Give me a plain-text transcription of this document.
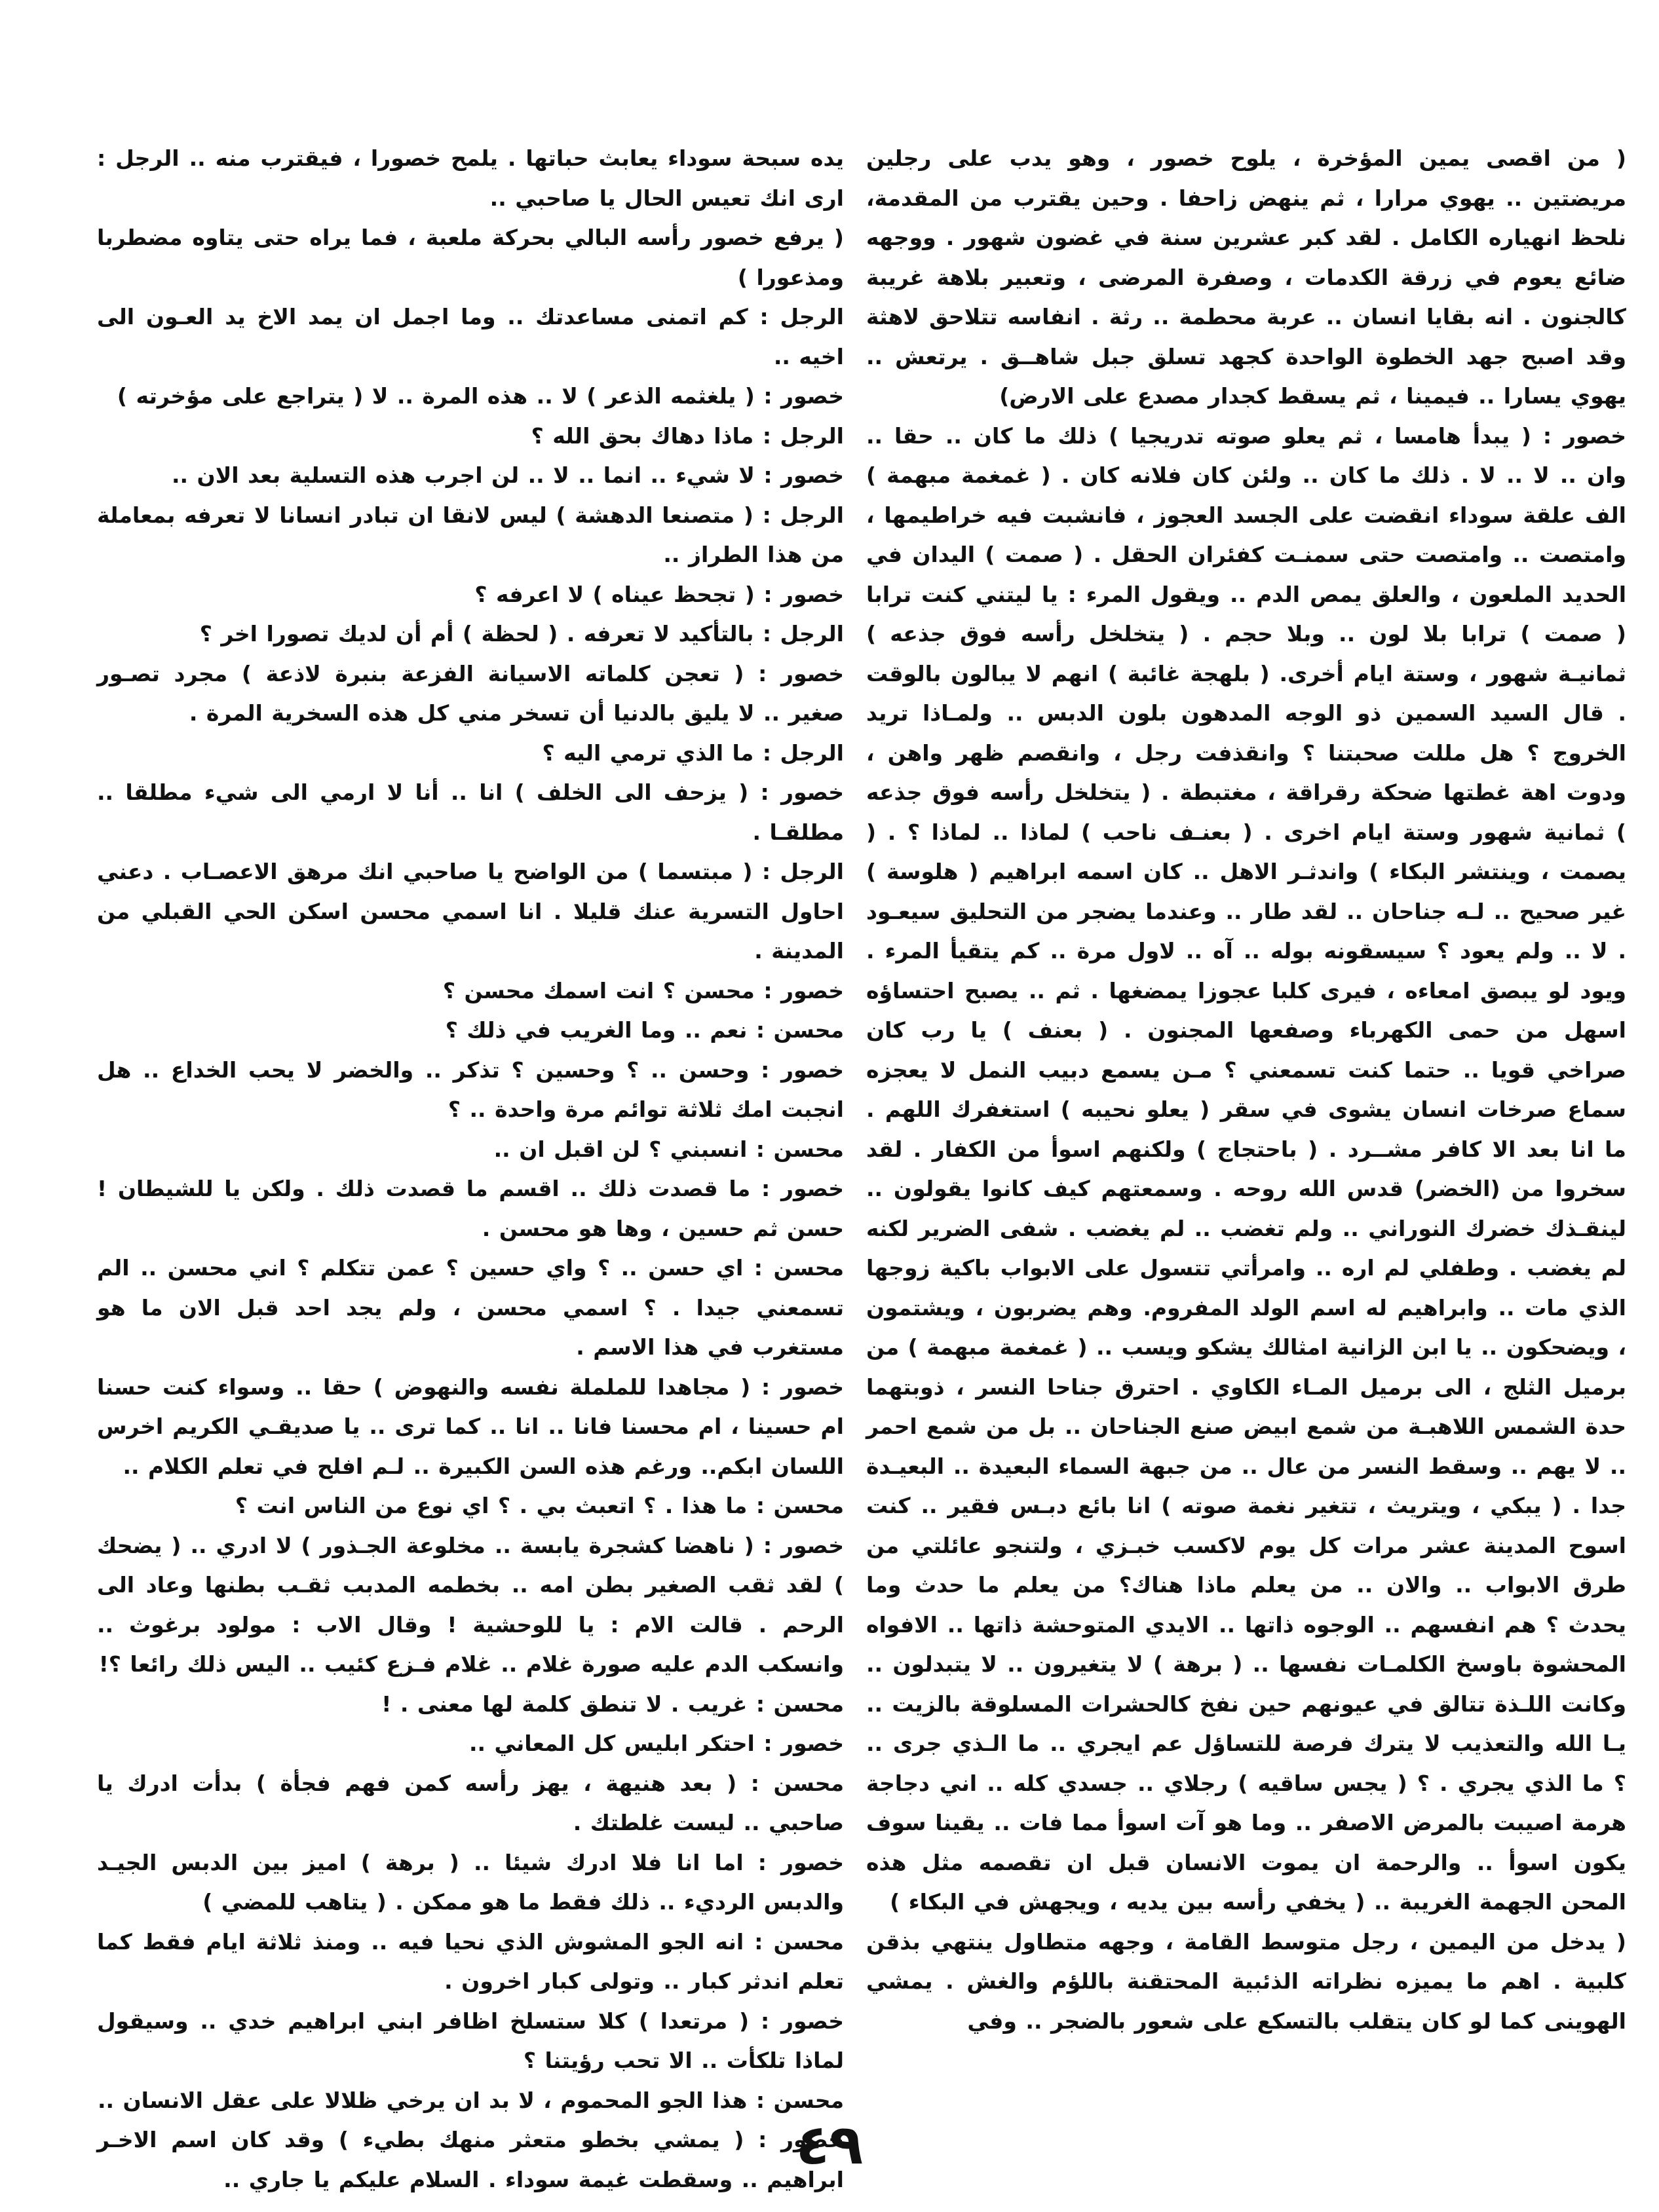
( من اقصى يمين المؤخرة ، يلوح خصور ، وهو يدب على رجلين مريضتين .. يهوي مرارا ، ثم ينهض زاحفا . وحين يقترب من المقدمة، نلحظ انهياره الكامل . لقد كبر عشرين سنة في غضون شهور . ووجهه ضائع يعوم في زرقة الكدمات ، وصفرة المرضى ، وتعبير بلاهة غريبة كالجنون . انه بقايا انسان .. عربة محطمة .. رثة . انفاسه تتلاحق لاهثة وقد اصبح جهد الخطوة الواحدة كجهد تسلق جبل شاهــق . يرتعش .. يهوي يسارا .. فيمينا ، ثم يسقط كجدار مصدع على الارض)

خصور : ( يبدأ هامسا ، ثم يعلو صوته تدريجيا ) ذلك ما كان .. حقا .. وان .. لا .. لا . ذلك ما كان .. ولئن كان فلانه كان . ( غمغمة مبهمة ) الف علقة سوداء انقضت على الجسد العجوز ، فانشبت فيه خراطيمها ، وامتصت .. وامتصت حتى سمنـت كفئران الحقل . ( صمت ) اليدان في الحديد الملعون ، والعلق يمص الدم .. ويقول المرء : يا ليتني كنت ترابا ( صمت ) ترابا بلا لون .. وبلا حجم . ( يتخلخل رأسه فوق جذعه ) ثمانيـة شهور ، وستة ايام أخرى. ( بلهجة غائبة ) انهم لا يبالون بالوقت . قال السيد السمين ذو الوجه المدهون بلون الدبس .. ولمـاذا تريد الخروج ؟ هل مللت صحبتنا ؟ وانقذفت رجل ، وانقصم ظهر واهن ، ودوت اهة غطتها ضحكة رقراقة ، مغتبطة . ( يتخلخل رأسه فوق جذعه ) ثمانية شهور وستة ايام اخرى . ( بعنـف ناحب ) لماذا .. لماذا ؟ . ( يصمت ، وينتشر البكاء ) واندثـر الاهل .. كان اسمه ابراهيم ( هلوسة ) غير صحيح .. لـه جناحان .. لقد طار .. وعندما يضجر من التحليق سيعـود . لا .. ولم يعود ؟ سيسقونه بوله .. آه .. لاول مرة .. كم يتقيأ المرء . ويود لو يبصق امعاءه ، فيرى كلبا عجوزا يمضغها . ثم .. يصبح احتساؤه اسهل من حمى الكهرباء وصفعها المجنون . ( بعنف ) يا رب كان صراخي قويا .. حتما كنت تسمعني ؟ مـن يسمع دبيب النمل لا يعجزه سماع صرخات انسان يشوى في سقر ( يعلو نحيبه ) استغفرك اللهم . ما انا بعد الا كافر مشــرد . ( باحتجاج ) ولكنهم اسوأ من الكفار . لقد سخروا من (الخضر) قدس الله روحه . وسمعتهم كيف كانوا يقولون .. لينقـذك خضرك النوراني .. ولم تغضب .. لم يغضب . شفى الضرير لكنه لم يغضب . وطفلي لم اره .. وامرأتي تتسول على الابواب باكية زوجها الذي مات .. وابراهيم له اسم الولد المفروم. وهم يضربون ، ويشتمون ، ويضحكون .. يا ابن الزانية امثالك يشكو ويسب .. ( غمغمة مبهمة ) من برميل الثلج ، الى برميل المـاء الكاوي . احترق جناحا النسر ، ذوبتهما حدة الشمس اللاهبـة من شمع ابيض صنع الجناحان .. بل من شمع احمر .. لا يهم .. وسقط النسر من عال .. من جبهة السماء البعيدة .. البعيـدة جدا . ( يبكي ، ويتريث ، تتغير نغمة صوته ) انا بائع دبـس فقير .. كنت اسوح المدينة عشر مرات كل يوم لاكسب خبـزي ، ولتنجو عائلتي من طرق الابواب .. والان .. من يعلم ماذا هناك؟ من يعلم ما حدث وما يحدث ؟ هم انفسهم .. الوجوه ذاتها .. الايدي المتوحشة ذاتها .. الافواه المحشوة باوسخ الكلمـات نفسها .. ( برهة ) لا يتغيرون .. لا يتبدلون .. وكانت اللـذة تتالق في عيونهم حين نفخ كالحشرات المسلوقة بالزيت .. يـا الله والتعذيب لا يترك فرصة للتساؤل عم ايجري .. ما الـذي جرى .. ؟ ما الذي يجري . ؟ ( يجس ساقيه ) رجلاي .. جسدي كله .. اني دجاجة هرمة اصيبت بالمرض الاصفر .. وما هو آت اسوأ مما فات .. يقينا سوف يكون اسوأ .. والرحمة ان يموت الانسان قبل ان تقصمه مثل هذه المحن الجهمة الغريبة .. ( يخفي رأسه بين يديه ، ويجهش في البكاء )

( يدخل من اليمين ، رجل متوسط القامة ، وجهه متطاول ينتهي بذقن كلبية . اهم ما يميزه نظراته الذئبية المحتقنة باللؤم والغش . يمشي الهوينى كما لو كان يتقلب بالتسكع على شعور بالضجر .. وفي

يده سبحة سوداء يعابث حباتها . يلمح خصورا ، فيقترب منه .. الرجل : ارى انك تعيس الحال يا صاحبي ..

( يرفع خصور رأسه البالي بحركة ملعبة ، فما يراه حتى يتاوه مضطربا ومذعورا )

الرجل : كم اتمنى مساعدتك .. وما اجمل ان يمد الاخ يد العـون الى اخيه ..

خصور : ( يلغثمه الذعر ) لا .. هذه المرة .. لا ( يتراجع على مؤخرته )

الرجل : ماذا دهاك بحق الله ؟

خصور : لا شيء .. انما .. لا .. لن اجرب هذه التسلية بعد الان ..

الرجل : ( متصنعا الدهشة ) ليس لانقا ان تبادر انسانا لا تعرفه بمعاملة من هذا الطراز ..

خصور : ( تجحظ عيناه ) لا اعرفه ؟

الرجل : بالتأكيد لا تعرفه . ( لحظة ) أم أن لديك تصورا اخر ؟

خصور : ( تعجن كلماته الاسيانة الفزعة بنبرة لاذعة ) مجرد تصـور صغير .. لا يليق بالدنيا أن تسخر مني كل هذه السخرية المرة .

الرجل : ما الذي ترمي اليه ؟

خصور : ( يزحف الى الخلف ) انا .. أنا لا ارمي الى شيء مطلقا .. مطلقـا .

الرجل : ( مبتسما ) من الواضح يا صاحبي انك مرهق الاعصـاب . دعني احاول التسرية عنك قليلا . انا اسمي محسن اسكن الحي القبلي من المدينة .

خصور : محسن ؟ انت اسمك محسن ؟

محسن : نعم .. وما الغريب في ذلك ؟

خصور : وحسن .. ؟ وحسين ؟ تذكر .. والخضر لا يحب الخداع .. هل انجبت امك ثلاثة توائم مرة واحدة .. ؟

محسن : انسبني ؟ لن اقبل ان ..

خصور : ما قصدت ذلك .. اقسم ما قصدت ذلك . ولكن يا للشيطان ! حسن ثم حسين ، وها هو محسن .

محسن : اي حسن .. ؟ واي حسين ؟ عمن تتكلم ؟ اني محسن .. الم تسمعني جيدا . ؟ اسمي محسن ، ولم يجد احد قبل الان ما هو مستغرب في هذا الاسم .

خصور : ( مجاهدا للململة نفسه والنهوض ) حقا .. وسواء كنت حسنا ام حسينا ، ام محسنا فانا .. انا .. كما ترى .. يا صديقـي الكريم اخرس اللسان ابكم.. ورغم هذه السن الكبيرة .. لـم افلح في تعلم الكلام ..

محسن : ما هذا . ؟ اتعبث بي . ؟ اي نوع من الناس انت ؟

خصور : ( ناهضا كشجرة يابسة .. مخلوعة الجـذور ) لا ادري .. ( يضحك ) لقد ثقب الصغير بطن امه .. بخطمه المدبب ثقـب بطنها وعاد الى الرحم . قالت الام : يا للوحشية ! وقال الاب : مولود برغوث .. وانسكب الدم عليه صورة غلام .. غلام فـزع كئيب .. اليس ذلك رائعا ؟!

محسن : غريب . لا تنطق كلمة لها معنى . !

خصور : احتكر ابليس كل المعاني ..

محسن : ( بعد هنيهة ، يهز رأسه كمن فهم فجأة ) بدأت ادرك يا صاحبي .. ليست غلطتك .

خصور : اما انا فلا ادرك شيئا .. ( برهة ) اميز بين الدبس الجيـد والدبس الرديء .. ذلك فقط ما هو ممكن . ( يتاهب للمضي )

محسن : انه الجو المشوش الذي نحيا فيه .. ومنذ ثلاثة ايام فقط كما تعلم اندثر كبار .. وتولى كبار اخرون .

خصور : ( مرتعدا ) كلا ستسلخ اظافر ابني ابراهيم خدي .. وسيقول لماذا تلكأت .. الا تحب رؤيتنا ؟

محسن : هذا الجو المحموم ، لا بد ان يرخي ظلالا على عقل الانسان ..

خصور : ( يمشي بخطو متعثر منهك بطيء ) وقد كان اسم الاخـر ابراهيم .. وسقطت غيمة سوداء . السلام عليكم يا جاري ..

٤٩
